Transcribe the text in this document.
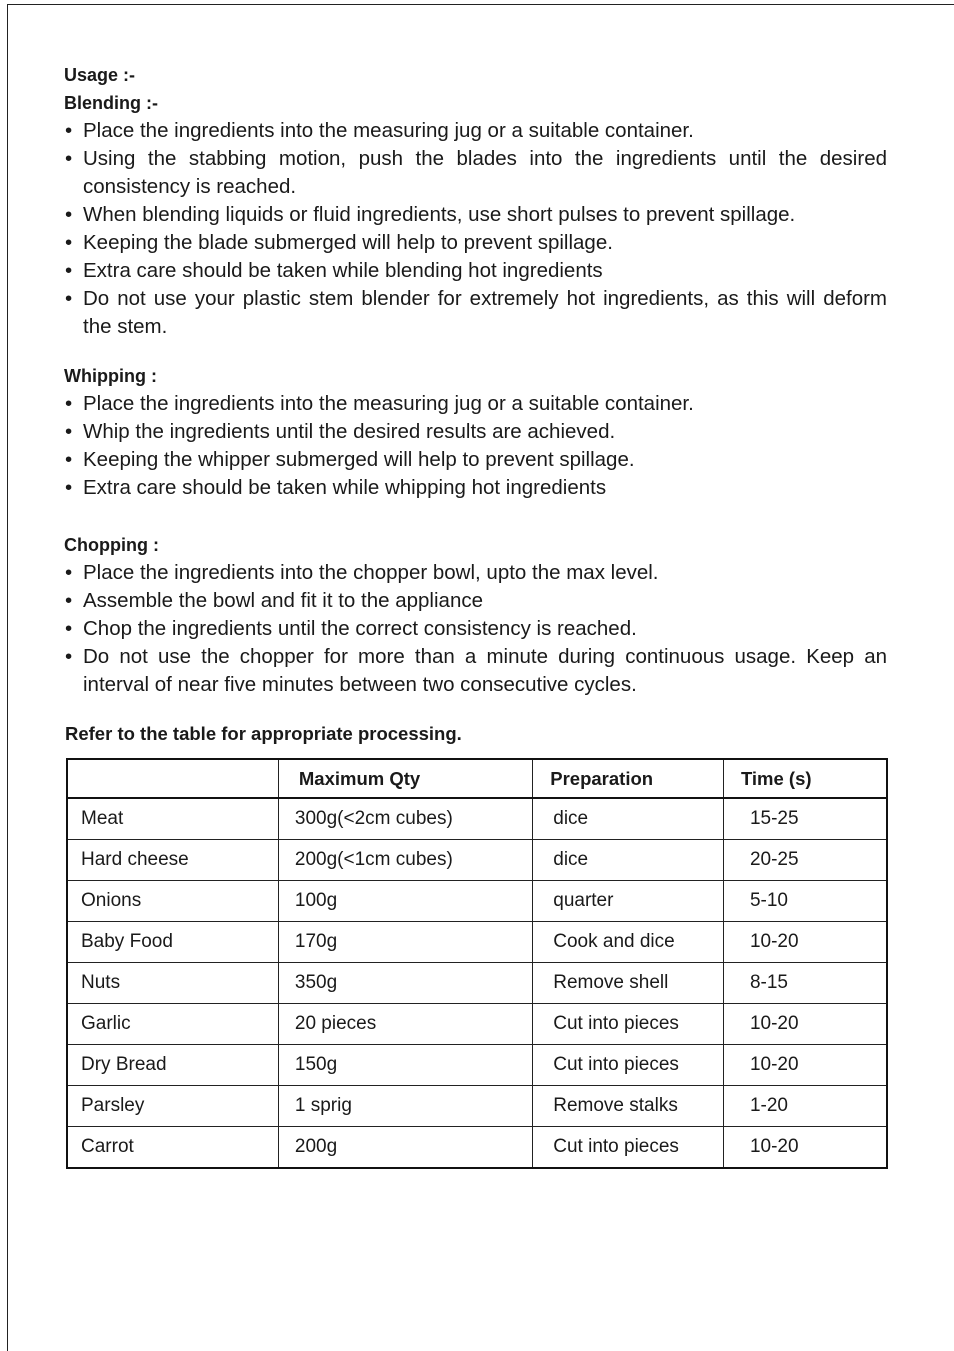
Usage :-

Blending :-

• Place the ingredients into the measuring jug or a suitable container.
• Using the stabbing motion, push the blades into the ingredients until the desired consistency is reached.
• When blending liquids or fluid ingredients, use short pulses to prevent spillage.
• Keeping the blade submerged will help to prevent spillage.
• Extra care should be taken while blending hot ingredients
• Do not use your plastic stem blender for extremely hot ingredients, as this will deform the stem.

Whipping :

• Place the ingredients into the measuring jug or a suitable container.
• Whip the ingredients until the desired results are achieved.
• Keeping the whipper submerged will help to prevent spillage.
• Extra care should be taken while whipping hot ingredients

Chopping :

• Place the ingredients into the chopper bowl, upto the max level.
• Assemble the bowl and fit it to the appliance
• Chop the ingredients until the correct consistency is reached.
• Do not use the chopper for more than a minute during continuous usage. Keep an interval of near five minutes between two consecutive cycles.
Refer to the table for appropriate processing.
	Maximum Qty	Preparation	Time (s)
Meat	300g(<2cm cubes)	dice	15-25
Hard cheese	200g(<1cm cubes)	dice	20-25
Onions	100g	quarter	5-10
Baby Food	170g	Cook and dice	10-20
Nuts	350g	Remove shell	8-15
Garlic	20 pieces	Cut into pieces	10-20
Dry Bread	150g	Cut into pieces	10-20
Parsley	1 sprig	Remove stalks	1-20
Carrot	200g	Cut into pieces	10-20
